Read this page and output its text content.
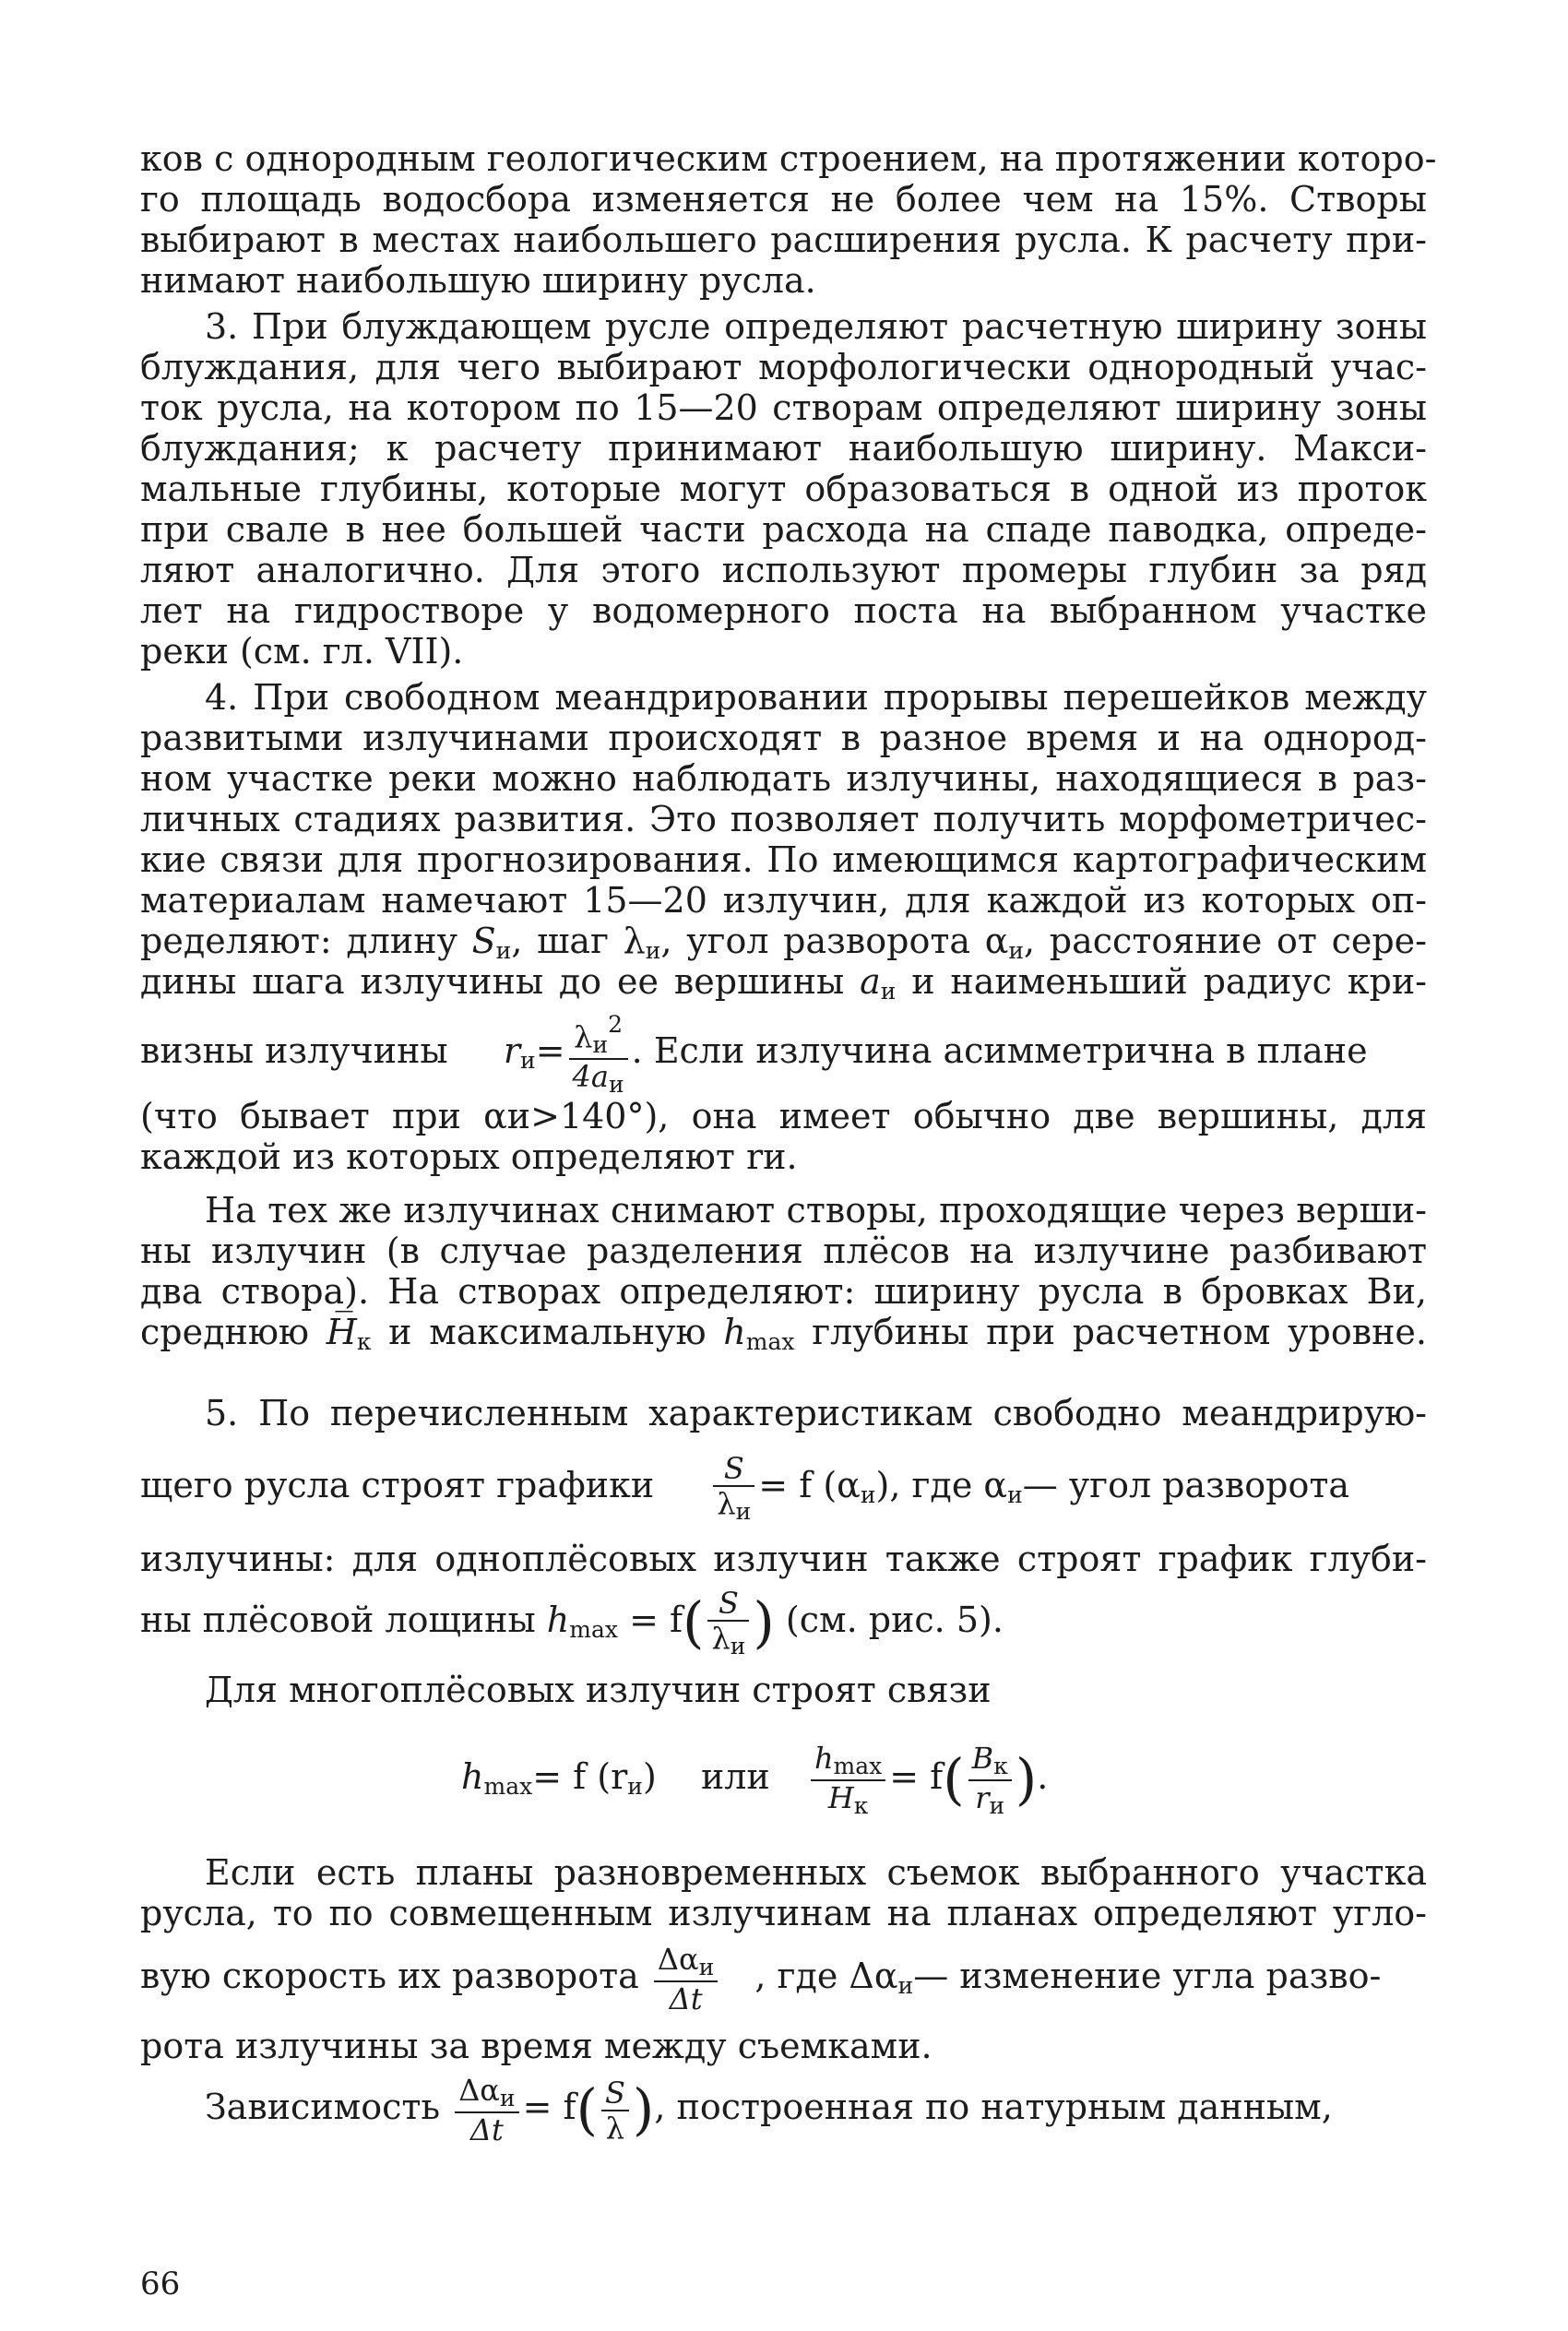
ков с однородным геологическим строением, на протяжении которо-
го площадь водосбора изменяется не более чем на 15%. Створы
выбирают в местах наибольшего расширения русла. К расчету при-
нимают наибольшую ширину русла.
3. При блуждающем русле определяют расчетную ширину зоны
блуждания, для чего выбирают морфологически однородный учас-
ток русла, на котором по 15—20 створам определяют ширину зоны
блуждания; к расчету принимают наибольшую ширину. Макси-
мальные глубины, которые могут образоваться в одной из проток
при свале в нее большей части расхода на спаде паводка, опреде-
ляют аналогично. Для этого используют промеры глубин за ряд
лет на гидростворе у водомерного поста на выбранном участке
реки (см. гл. VII).
4. При свободном меандрировании прорывы перешейков между
развитыми излучинами происходят в разное время и на однород-
ном участке реки можно наблюдать излучины, находящиеся в раз-
личных стадиях развития. Это позволяет получить морфометричес-
кие связи для прогнозирования. По имеющимся картографическим
материалам намечают 15—20 излучин, для каждой из которых оп-
ределяют: длину $S_и$, шаг $\lambda_и$, угол разворота $\alpha_и$, расстояние от сере-
дины шага излучины до ее вершины $a_и$ и наименьший радиус кри-
визны излучины $r_и= \frac{\lambda_и^2}{4a_и}$ . Если излучина асимметрична в плане
(что бывает при αи>140°), она имеет обычно две вершины, для
каждой из которых определяют rи.
На тех же излучинах снимают створы, проходящие через верши-
ны излучин (в случае разделения плёсов на излучине разбивают
два створа). На створах определяют: ширину русла в бровках Bи,
среднюю $H̅_к$ и максимальную $h_{max}$ глубины при расчетном уровне.
5. По перечисленным характеристикам свободно меандрирую-
щего русла строят графики $\frac{S}{\lambda_и} = f$ $(\alpha_и)$, где $\alpha_и—$ угол разворота
излучины: для одноплёсовых излучин также строят график глуби-
ны плёсовой лощины $h_{max} = f( \frac{S}{\lambda_и}$ ) (см. рис. 5).
Для многоплёсовых излучин строят связи
$h_{max}= f$ $(r_и)$ или $\frac{h_{max}}{H̅_к} = f( \frac{B_к}{r_и}$ ).
Если есть планы разновременных съемок выбранного участка
русла, то по совмещенным излучинам на планах определяют угло-
вую скорость их разворота $\frac{\Delta\alpha_и}{\Delta t}$ , где $\Delta\alpha_и—$ изменение угла разво-
рота излучины за время между съемками.
Зависимость $\frac{\Delta\alpha_и}{\Delta t} = f( \frac{S}{\lambda}$ ), построенная по натурным данным,
66
